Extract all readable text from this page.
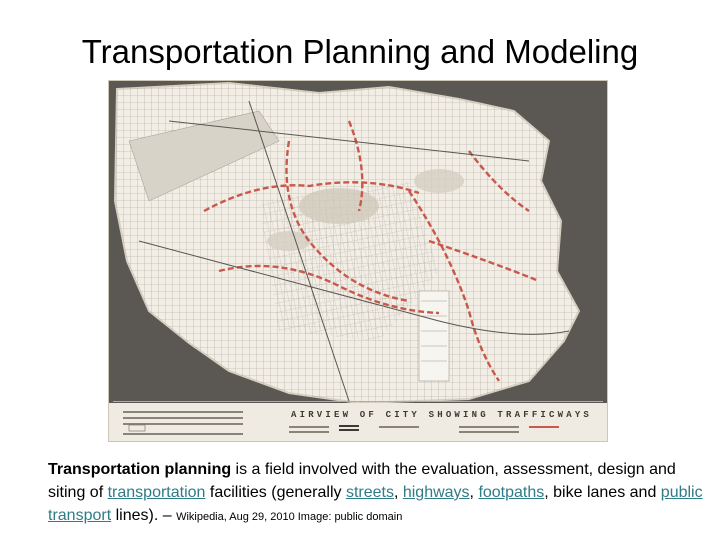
Transportation Planning and Modeling
AIRVIEW OF CITY SHOWING TRAFFICWAYS
Transportation planning is a field involved with the evaluation, assessment, design and siting of transportation facilities (generally streets, highways, footpaths, bike lanes and public transport lines). – Wikipedia, Aug 29, 2010 Image: public domain
